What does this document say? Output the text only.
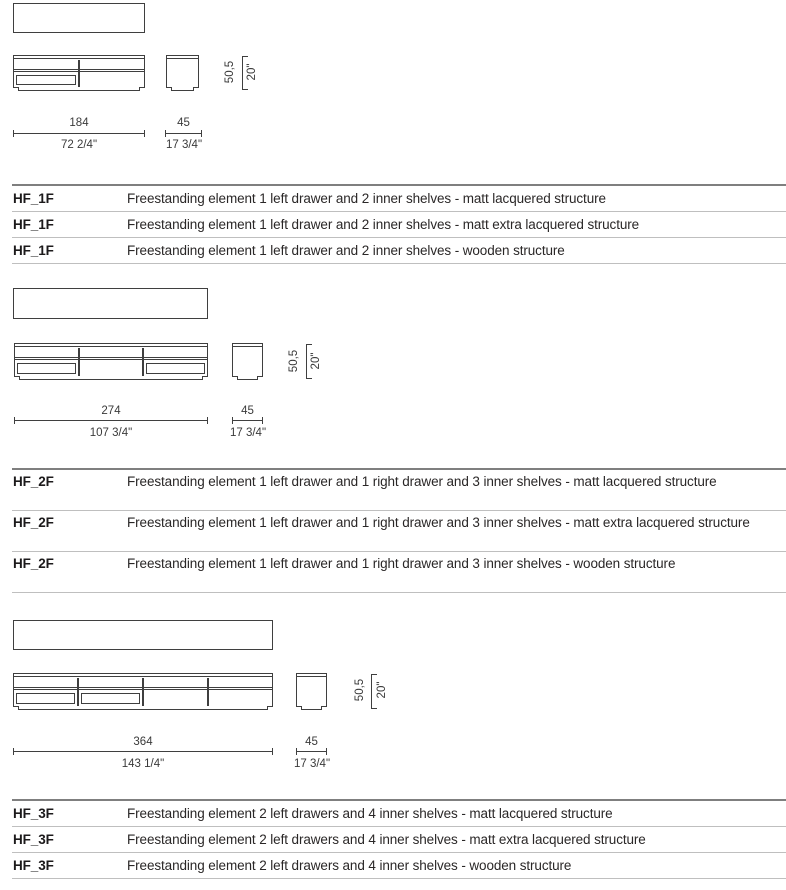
50,5 20"
184
72 2/4"
45
17 3/4"
HF_1F	Freestanding element 1 left drawer and 2 inner shelves - matt lacquered structure
HF_1F	Freestanding element 1 left drawer and 2 inner shelves - matt extra lacquered structure
HF_1F	Freestanding element 1 left drawer and 2 inner shelves - wooden structure
50,5 20"
274
107 3/4"
45
17 3/4"
HF_2F	Freestanding element 1 left drawer and 1 right drawer and 3 inner shelves - matt lacquered structure
HF_2F	Freestanding element 1 left drawer and 1 right drawer and 3 inner shelves - matt extra lacquered structure
HF_2F	Freestanding element 1 left drawer and 1 right drawer and 3 inner shelves - wooden structure
50,5 20"
364
143 1/4"
45
17 3/4"
HF_3F	Freestanding element 2 left drawers and 4 inner shelves - matt lacquered structure
HF_3F	Freestanding element 2 left drawers and 4 inner shelves - matt extra lacquered structure
HF_3F	Freestanding element 2 left drawers and 4 inner shelves - wooden structure
